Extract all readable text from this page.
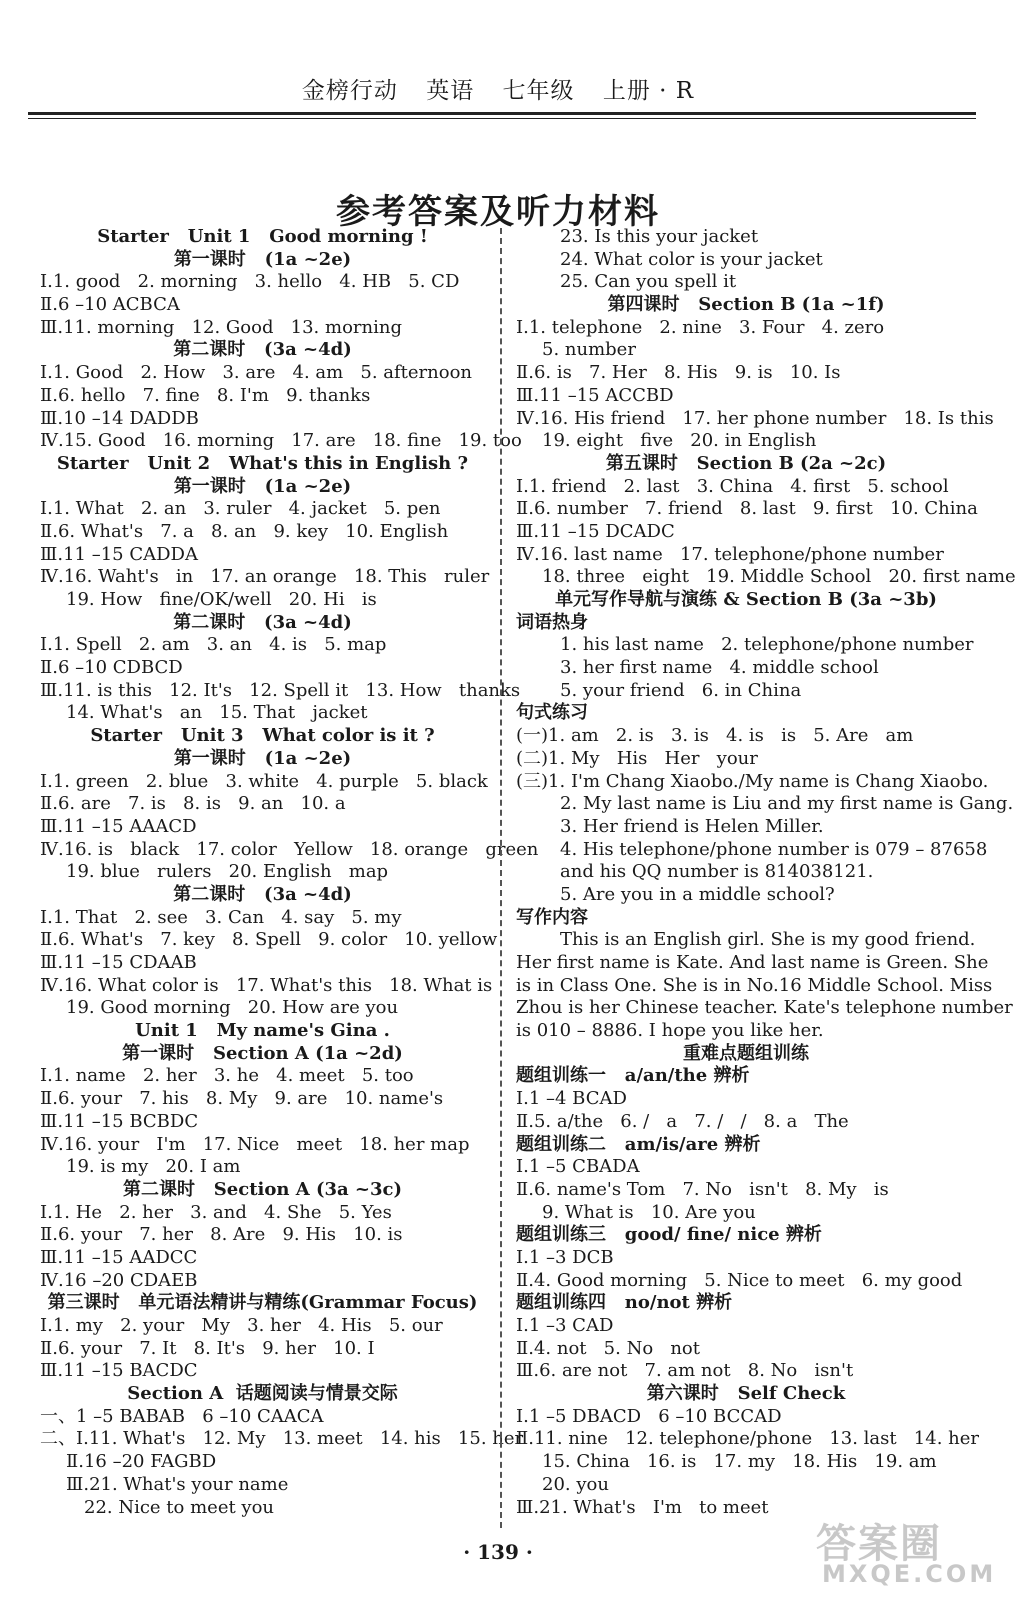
金榜行动 英语 七年级 上册 · R
参考答案及听力材料
Starter   Unit 1   Good morning !
第一课时   (1a ~2e)
Ⅰ.1. good   2. morning   3. hello   4. HB   5. CD
Ⅱ.6 –10 ACBCA
Ⅲ.11. morning   12. Good   13. morning
第二课时   (3a ~4d)
Ⅰ.1. Good   2. How   3. are   4. am   5. afternoon
Ⅱ.6. hello   7. fine   8. I'm   9. thanks
Ⅲ.10 –14 DADDB
Ⅳ.15. Good   16. morning   17. are   18. fine   19. too
Starter   Unit 2   What's this in English ?
第一课时   (1a ~2e)
Ⅰ.1. What   2. an   3. ruler   4. jacket   5. pen
Ⅱ.6. What's   7. a   8. an   9. key   10. English
Ⅲ.11 –15 CADDA
Ⅳ.16. Waht's   in   17. an orange   18. This   ruler
19. How   fine/OK/well   20. Hi   is
第二课时   (3a ~4d)
Ⅰ.1. Spell   2. am   3. an   4. is   5. map
Ⅱ.6 –10 CDBCD
Ⅲ.11. is this   12. It's   12. Spell it   13. How   thanks
14. What's   an   15. That   jacket
Starter   Unit 3   What color is it ?
第一课时   (1a ~2e)
Ⅰ.1. green   2. blue   3. white   4. purple   5. black
Ⅱ.6. are   7. is   8. is   9. an   10. a
Ⅲ.11 –15 AAACD
Ⅳ.16. is   black   17. color   Yellow   18. orange   green
19. blue   rulers   20. English   map
第二课时   (3a ~4d)
Ⅰ.1. That   2. see   3. Can   4. say   5. my
Ⅱ.6. What's   7. key   8. Spell   9. color   10. yellow
Ⅲ.11 –15 CDAAB
Ⅳ.16. What color is   17. What's this   18. What is
19. Good morning   20. How are you
Unit 1   My name's Gina .
第一课时   Section A (1a ~2d)
Ⅰ.1. name   2. her   3. he   4. meet   5. too
Ⅱ.6. your   7. his   8. My   9. are   10. name's
Ⅲ.11 –15 BCBDC
Ⅳ.16. your   I'm   17. Nice   meet   18. her map
19. is my   20. I am
第二课时   Section A (3a ~3c)
Ⅰ.1. He   2. her   3. and   4. She   5. Yes
Ⅱ.6. your   7. her   8. Are   9. His   10. is
Ⅲ.11 –15 AADCC
Ⅳ.16 –20 CDAEB
第三课时   单元语法精讲与精练(Grammar Focus)
Ⅰ.1. my   2. your   My   3. her   4. His   5. our
Ⅱ.6. your   7. It   8. It's   9. her   10. I
Ⅲ.11 –15 BACDC
Section A  话题阅读与情景交际
一、1 –5 BABAB   6 –10 CAACA
二、Ⅰ.11. What's   12. My   13. meet   14. his   15. her
Ⅱ.16 –20 FAGBD
Ⅲ.21. What's your name
22. Nice to meet you
23. Is this your jacket
24. What color is your jacket
25. Can you spell it
第四课时   Section B (1a ~1f)
Ⅰ.1. telephone   2. nine   3. Four   4. zero
5. number
Ⅱ.6. is   7. Her   8. His   9. is   10. Is
Ⅲ.11 –15 ACCBD
Ⅳ.16. His friend   17. her phone number   18. Is this
19. eight   five   20. in English
第五课时   Section B (2a ~2c)
Ⅰ.1. friend   2. last   3. China   4. first   5. school
Ⅱ.6. number   7. friend   8. last   9. first   10. China
Ⅲ.11 –15 DCADC
Ⅳ.16. last name   17. telephone/phone number
18. three   eight   19. Middle School   20. first name
单元写作导航与演练 & Section B (3a ~3b)
词语热身
1. his last name   2. telephone/phone number
3. her first name   4. middle school
5. your friend   6. in China
句式练习
(一)1. am   2. is   3. is   4. is   is   5. Are   am
(二)1. My   His   Her   your
(三)1. I'm Chang Xiaobo./My name is Chang Xiaobo.
2. My last name is Liu and my first name is Gang.
3. Her friend is Helen Miller.
4. His telephone/phone number is 079 – 87658
and his QQ number is 814038121.
5. Are you in a middle school?
写作内容
This is an English girl. She is my good friend.
Her first name is Kate. And last name is Green. She
is in Class One. She is in No.16 Middle School. Miss
Zhou is her Chinese teacher. Kate's telephone number
is 010 – 8886. I hope you like her.
重难点题组训练
题组训练一   a/an/the 辨析
Ⅰ.1 –4 BCAD
Ⅱ.5. a/the   6. /   a   7. /   /   8. a   The
题组训练二   am/is/are 辨析
Ⅰ.1 –5 CBADA
Ⅱ.6. name's Tom   7. No   isn't   8. My   is
9. What is   10. Are you
题组训练三   good/ fine/ nice 辨析
Ⅰ.1 –3 DCB
Ⅱ.4. Good morning   5. Nice to meet   6. my good
题组训练四   no/not 辨析
Ⅰ.1 –3 CAD
Ⅱ.4. not   5. No   not
Ⅲ.6. are not   7. am not   8. No   isn't
第六课时   Self Check
Ⅰ.1 –5 DBACD   6 –10 BCCAD
Ⅱ.11. nine   12. telephone/phone   13. last   14. her
15. China   16. is   17. my   18. His   19. am
20. you
Ⅲ.21. What's   I'm   to meet
· 139 ·	答案圈
MXQE.COM
